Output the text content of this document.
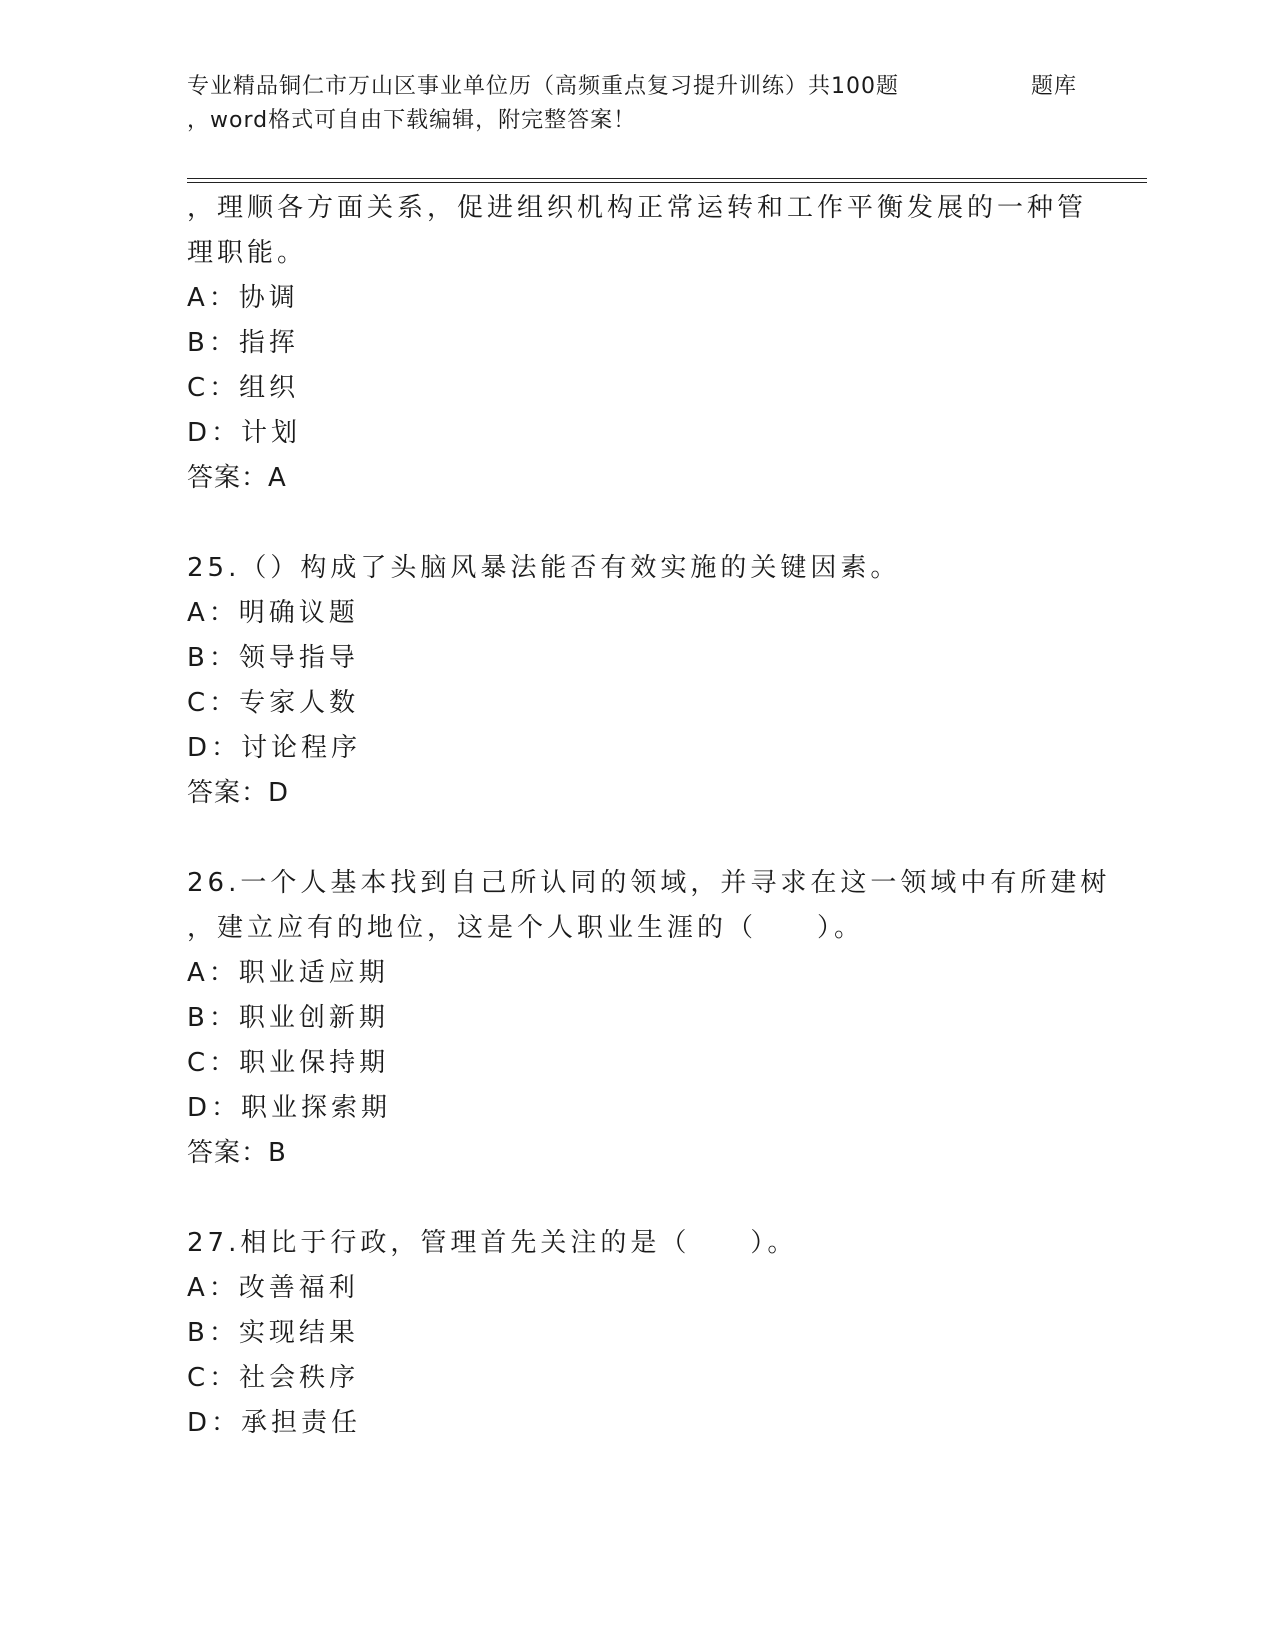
专业精品铜仁市万山区事业单位历（高频重点复习提升训练）共100题	题库
，word格式可自由下载编辑，附完整答案！
，理顺各方面关系，促进组织机构正常运转和工作平衡发展的一种管
理职能。
A：协调
B：指挥
C：组织
D：计划
答案：A
25.（）构成了头脑风暴法能否有效实施的关键因素。
A：明确议题
B：领导指导
C：专家人数
D：讨论程序
答案：D
26.一个人基本找到自己所认同的领域，并寻求在这一领域中有所建树
，建立应有的地位，这是个人职业生涯的（　　）。
A：职业适应期
B：职业创新期
C：职业保持期
D：职业探索期
答案：B
27.相比于行政，管理首先关注的是（　　）。
A：改善福利
B：实现结果
C：社会秩序
D：承担责任
